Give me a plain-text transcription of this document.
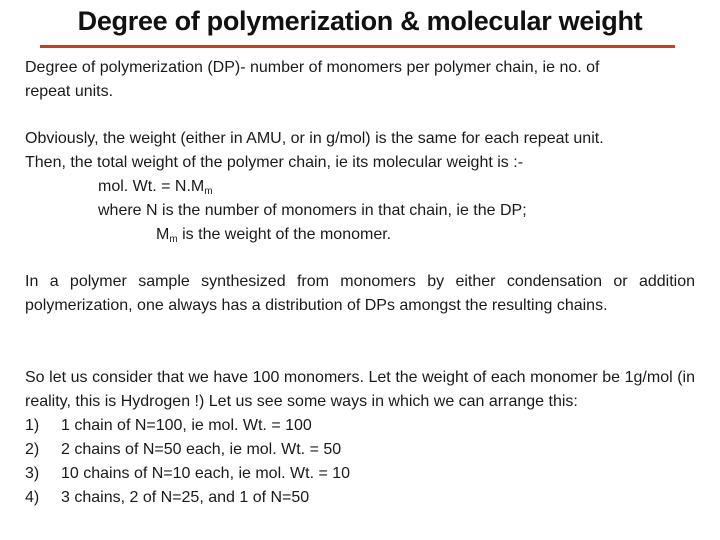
Degree of polymerization & molecular weight
Degree of polymerization (DP)- number of monomers per polymer chain, ie no. of
repeat units.
Obviously, the weight (either in AMU, or in g/mol) is the same for each repeat unit.
Then, the total weight of the polymer chain, ie its molecular weight is :-
mol. Wt. = $N.M_m$
where N is the number of monomers in that chain, ie the DP;
$M_m$ is the weight of the monomer.
In a polymer sample synthesized from monomers by either condensation or addition polymerization, one always has a distribution of DPs amongst the resulting chains.
So let us consider that we have 100 monomers. Let the weight of each monomer be 1g/mol (in reality, this is Hydrogen !) Let us see some ways in which we can arrange this:
1)	1 chain of N=100, ie mol. Wt. = 100
2)	2 chains of N=50 each, ie mol. Wt. = 50
3)	10 chains of N=10 each, ie mol. Wt. = 10
4)	3 chains, 2 of N=25, and 1 of N=50
